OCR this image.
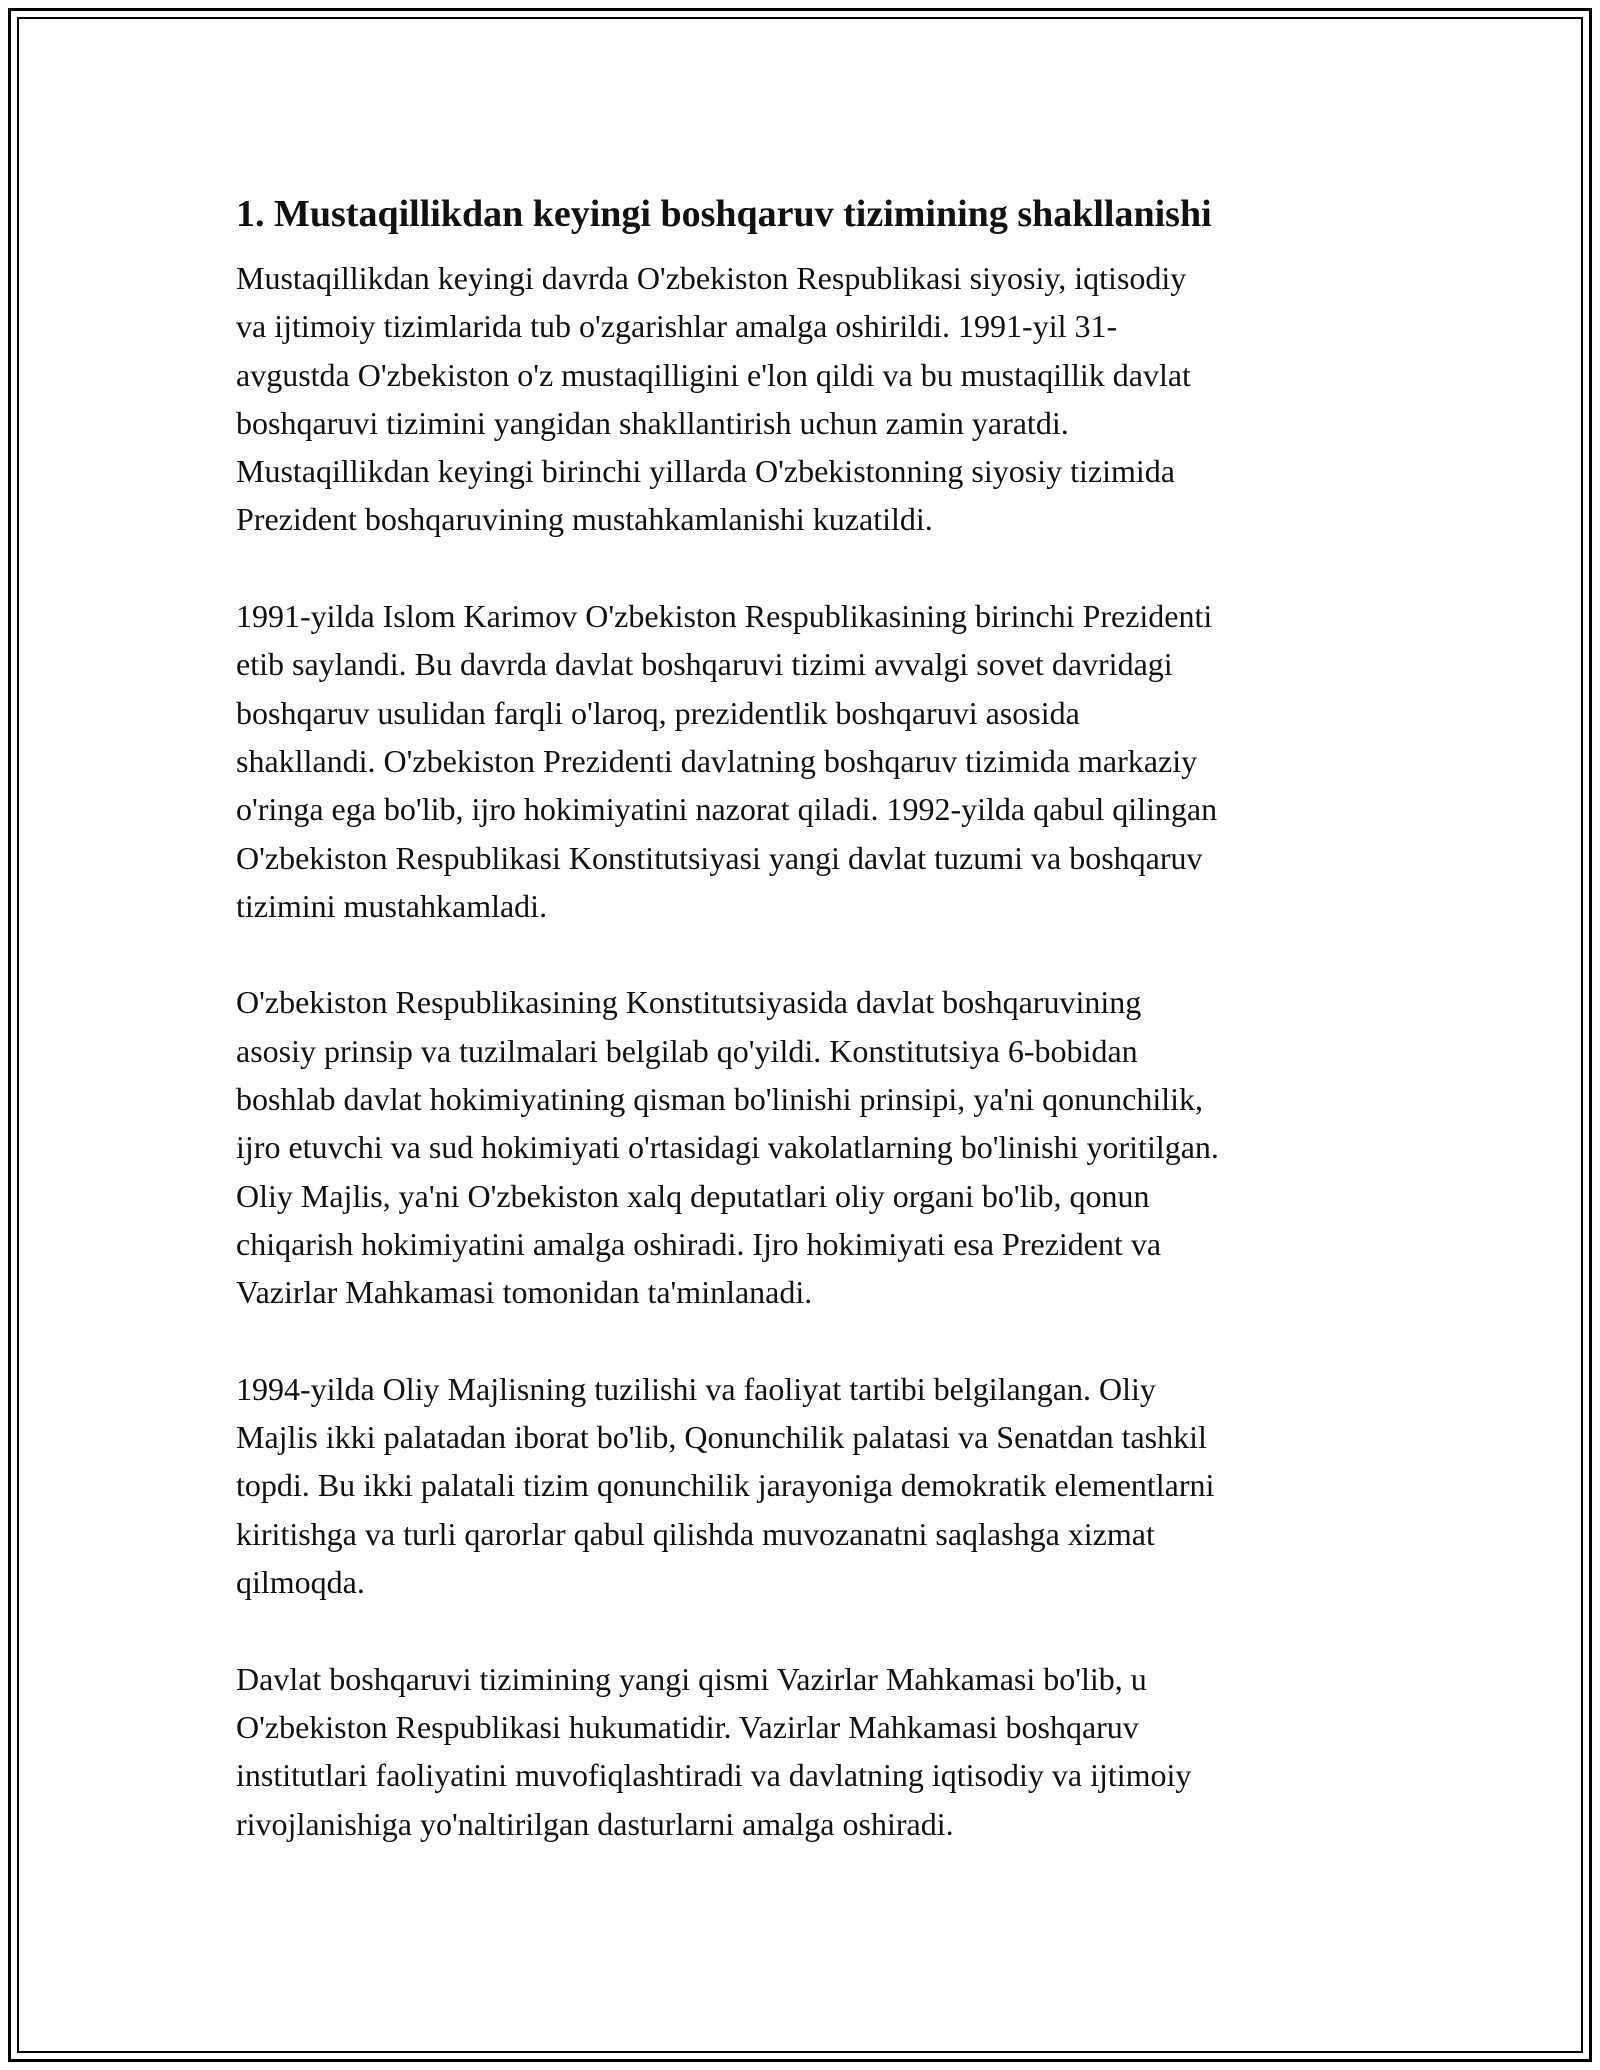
1. Mustaqillikdan keyingi boshqaruv tizimining shakllanishi

Mustaqillikdan keyingi davrda O'zbekiston Respublikasi siyosiy, iqtisodiy
va ijtimoiy tizimlarida tub o'zgarishlar amalga oshirildi. 1991-yil 31-
avgustda O'zbekiston o'z mustaqilligini e'lon qildi va bu mustaqillik davlat
boshqaruvi tizimini yangidan shakllantirish uchun zamin yaratdi.
Mustaqillikdan keyingi birinchi yillarda O'zbekistonning siyosiy tizimida
Prezident boshqaruvining mustahkamlanishi kuzatildi.

1991-yilda Islom Karimov O'zbekiston Respublikasining birinchi Prezidenti
etib saylandi. Bu davrda davlat boshqaruvi tizimi avvalgi sovet davridagi
boshqaruv usulidan farqli o'laroq, prezidentlik boshqaruvi asosida
shakllandi. O'zbekiston Prezidenti davlatning boshqaruv tizimida markaziy
o'ringa ega bo'lib, ijro hokimiyatini nazorat qiladi. 1992-yilda qabul qilingan
O'zbekiston Respublikasi Konstitutsiyasi yangi davlat tuzumi va boshqaruv
tizimini mustahkamladi.

O'zbekiston Respublikasining Konstitutsiyasida davlat boshqaruvining
asosiy prinsip va tuzilmalari belgilab qo'yildi. Konstitutsiya 6-bobidan
boshlab davlat hokimiyatining qisman bo'linishi prinsipi, ya'ni qonunchilik,
ijro etuvchi va sud hokimiyati o'rtasidagi vakolatlarning bo'linishi yoritilgan.
Oliy Majlis, ya'ni O'zbekiston xalq deputatlari oliy organi bo'lib, qonun
chiqarish hokimiyatini amalga oshiradi. Ijro hokimiyati esa Prezident va
Vazirlar Mahkamasi tomonidan ta'minlanadi.

1994-yilda Oliy Majlisning tuzilishi va faoliyat tartibi belgilangan. Oliy
Majlis ikki palatadan iborat bo'lib, Qonunchilik palatasi va Senatdan tashkil
topdi. Bu ikki palatali tizim qonunchilik jarayoniga demokratik elementlarni
kiritishga va turli qarorlar qabul qilishda muvozanatni saqlashga xizmat
qilmoqda.

Davlat boshqaruvi tizimining yangi qismi Vazirlar Mahkamasi bo'lib, u
O'zbekiston Respublikasi hukumatidir. Vazirlar Mahkamasi boshqaruv
institutlari faoliyatini muvofiqlashtiradi va davlatning iqtisodiy va ijtimoiy
rivojlanishiga yo'naltirilgan dasturlarni amalga oshiradi.
